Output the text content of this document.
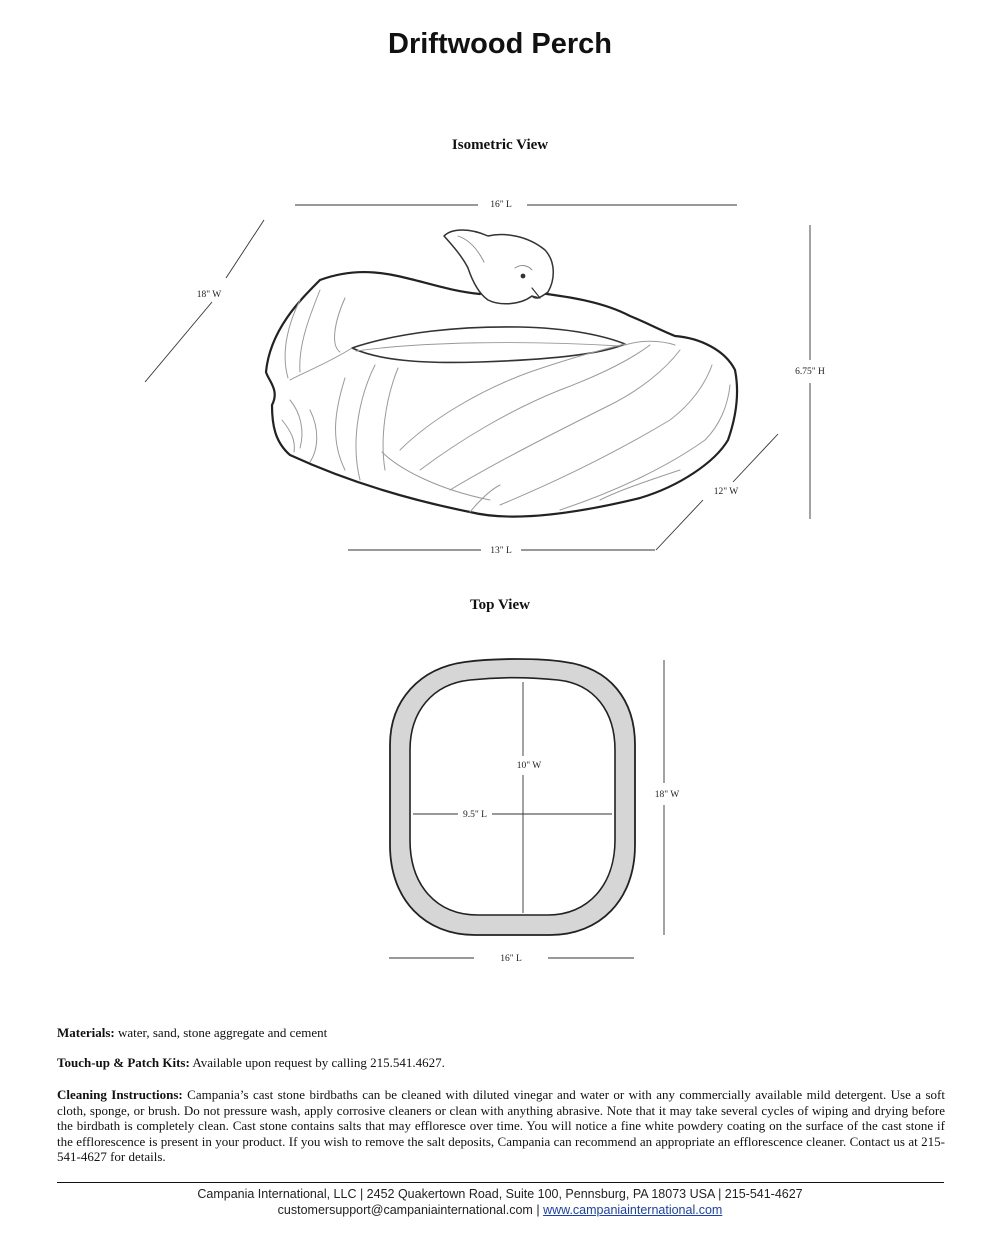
Driftwood Perch
Isometric View
Top View
16" L
18" W
6.75" H
12" W
13" L
10" W
9.5" L
18" W
16" L
Materials: water, sand, stone aggregate and cement
Touch-up & Patch Kits: Available upon request by calling 215.541.4627.
Cleaning Instructions: Campania’s cast stone birdbaths can be cleaned with diluted vinegar and water or with any commercially available mild detergent. Use a soft cloth, sponge, or brush. Do not pressure wash, apply corrosive cleaners or clean with anything abrasive. Note that it may take several cycles of wiping and drying before the birdbath is completely clean. Cast stone contains salts that may effloresce over time. You will notice a fine white powdery coating on the surface of the cast stone if the efflorescence is present in your product. If you wish to remove the salt deposits, Campania can recommend an appropriate an efflorescence cleaner. Contact us at 215-541-4627 for details.
Campania International, LLC | 2452 Quakertown Road, Suite 100, Pennsburg, PA 18073 USA | 215-541-4627
customersupport@campaniainternational.com | www.campaniainternational.com
